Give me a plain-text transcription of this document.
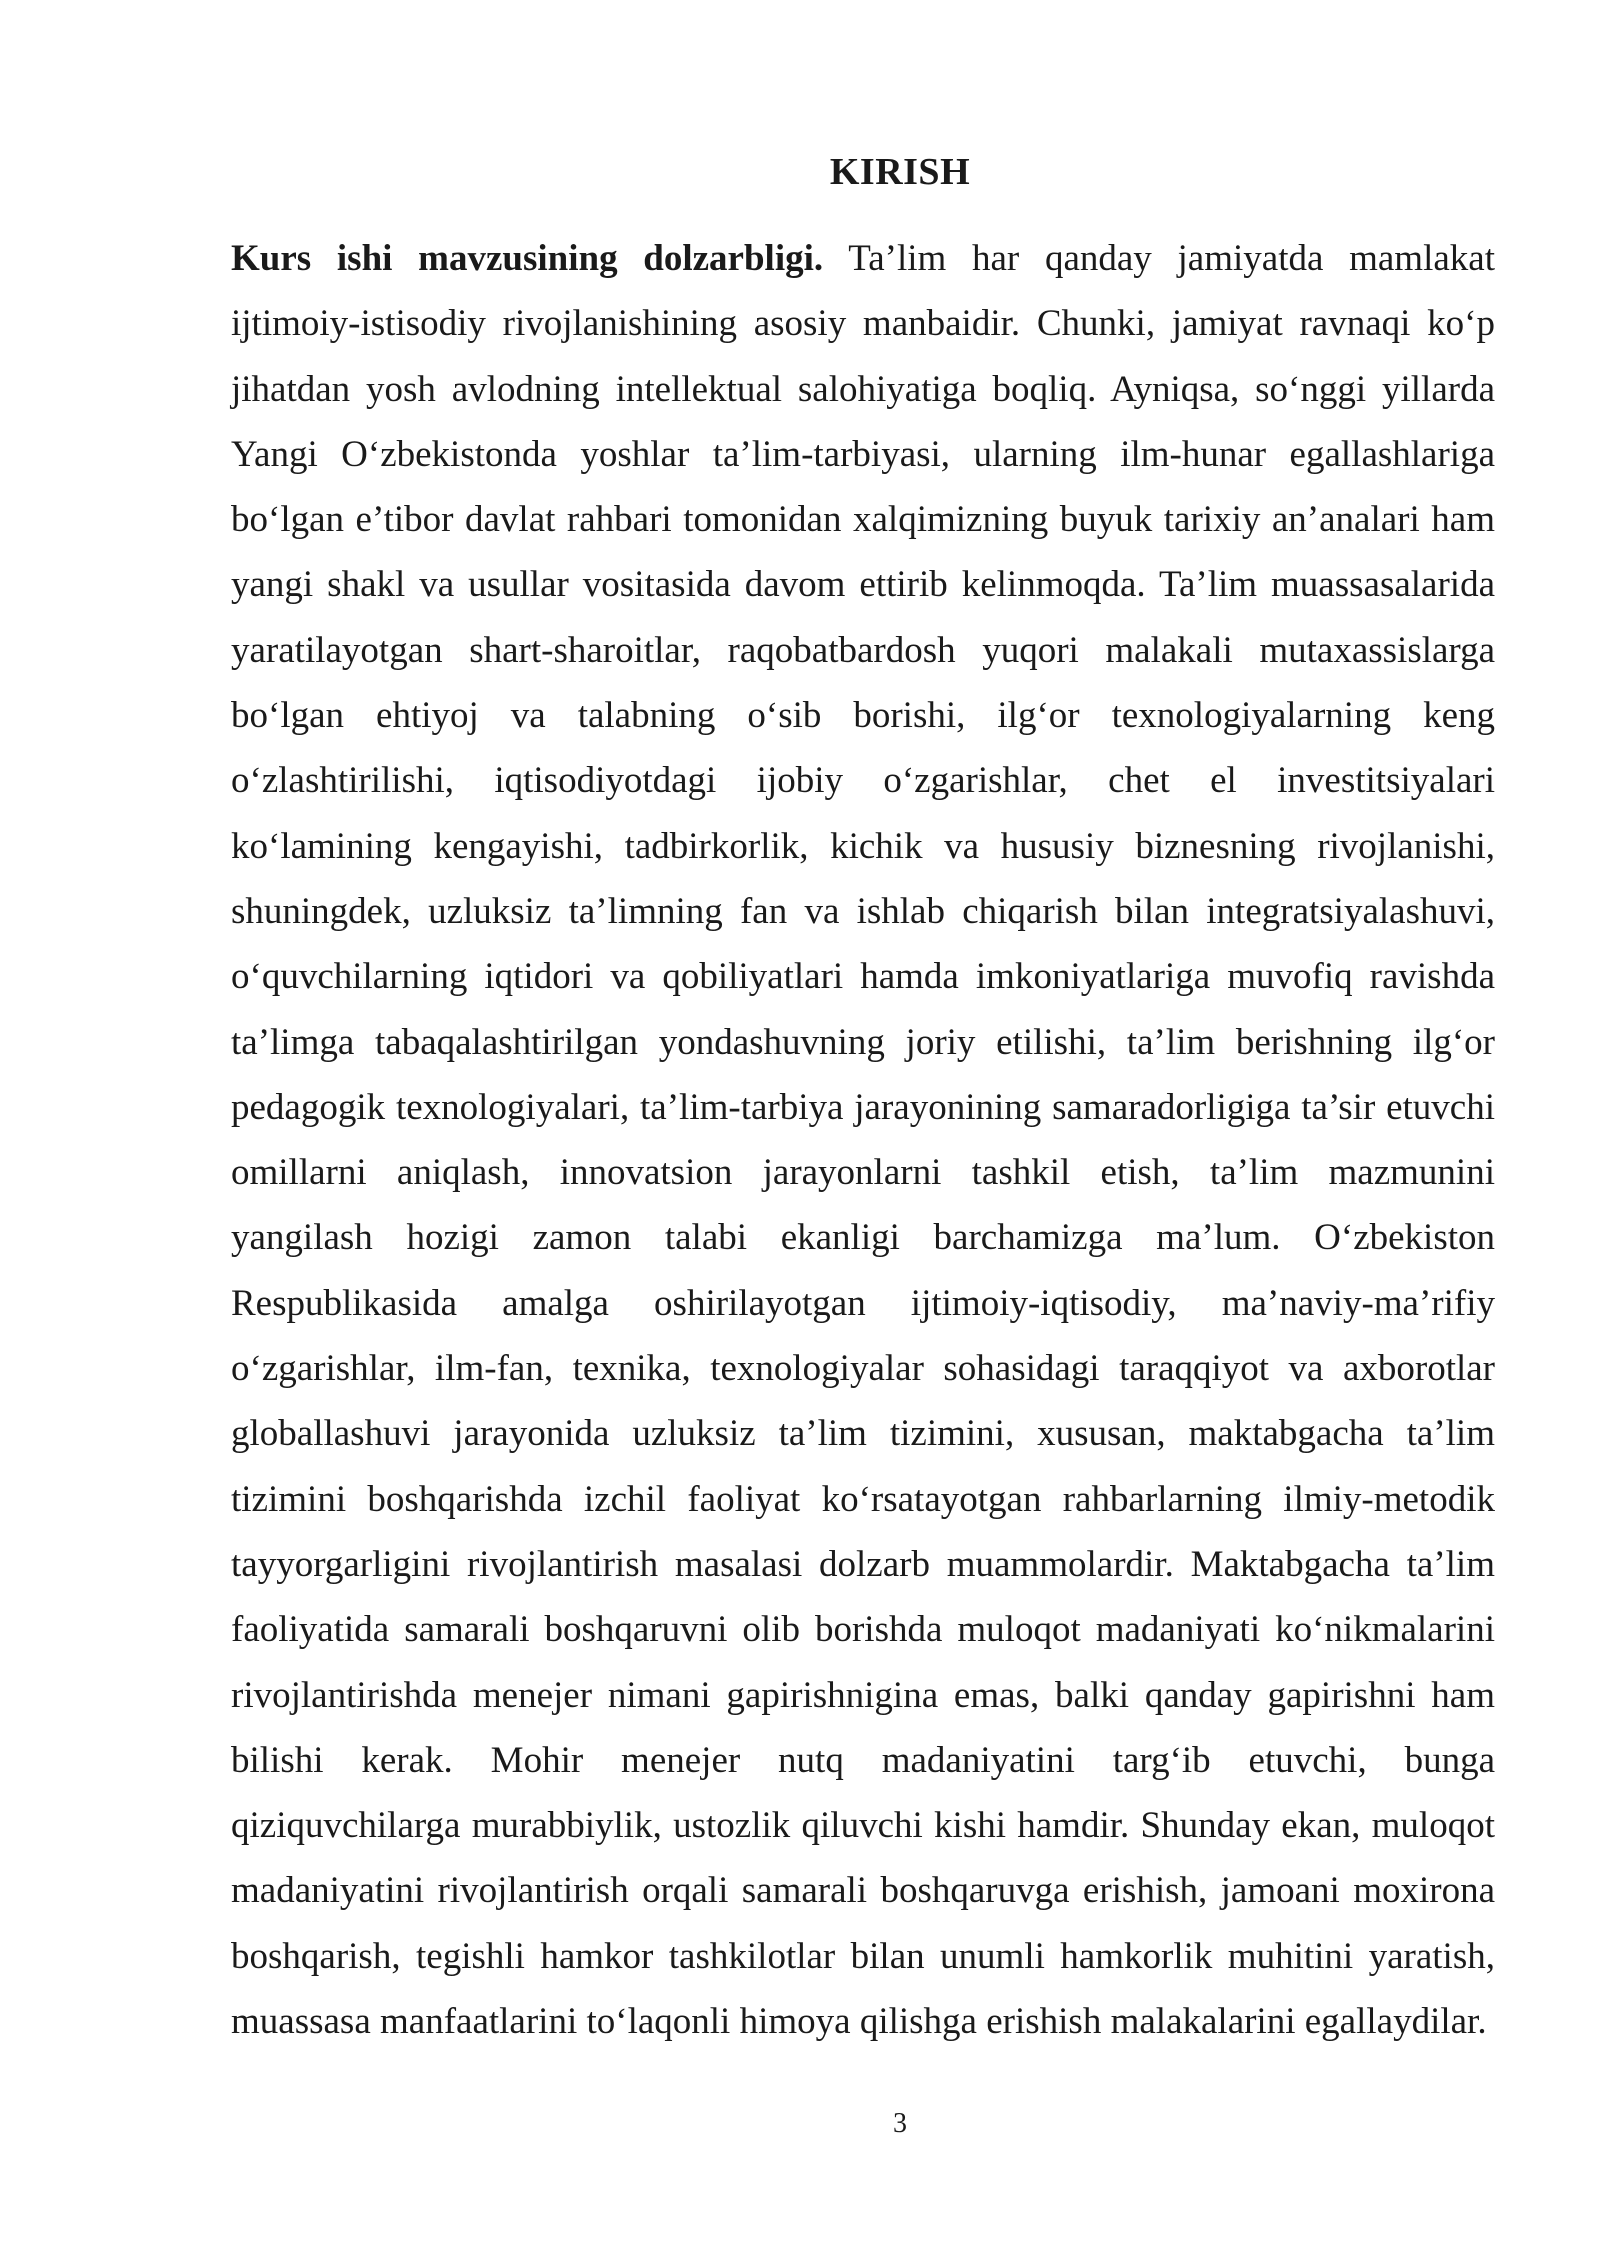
KIRISH

Kurs ishi mavzusining dolzarbligi. Ta’lim har qanday jamiyatda mamlakat ijtimoiy-istisodiy rivojlanishining asosiy manbaidir. Chunki, jamiyat ravnaqi ko‘p jihatdan yosh avlodning intellektual salohiyatiga boqliq. Ayniqsa, so‘nggi yillarda Yangi O‘zbekistonda yoshlar ta’lim-tarbiyasi, ularning ilm-hunar egallashlariga bo‘lgan e’tibor davlat rahbari tomonidan xalqimizning buyuk tarixiy an’analari ham yangi shakl va usullar vositasida davom ettirib kelinmoqda. Ta’lim muassasalarida yaratilayotgan shart-sharoitlar, raqobatbardosh yuqori malakali mutaxassislarga bo‘lgan ehtiyoj va talabning o‘sib borishi, ilg‘or texnologiyalarning keng o‘zlashtirilishi, iqtisodiyotdagi ijobiy o‘zgarishlar, chet el investitsiyalari ko‘lamining kengayishi, tadbirkorlik, kichik va hususiy biznesning rivojlanishi, shuningdek, uzluksiz ta’limning fan va ishlab chiqarish bilan integratsiyalashuvi, o‘quvchilarning iqtidori va qobiliyatlari hamda imkoniyatlariga muvofiq ravishda ta’limga tabaqalashtirilgan yondashuvning joriy etilishi, ta’lim berishning ilg‘or pedagogik texnologiyalari, ta’lim-tarbiya jarayonining samaradorligiga ta’sir etuvchi omillarni aniqlash, innovatsion jarayonlarni tashkil etish, ta’lim mazmunini yangilash hozigi zamon talabi ekanligi barchamizga ma’lum. O‘zbekiston Respublikasida amalga oshirilayotgan ijtimoiy-iqtisodiy, ma’naviy-ma’rifiy o‘zgarishlar, ilm-fan, texnika, texnologiyalar sohasidagi taraqqiyot va axborotlar globallashuvi jarayonida uzluksiz ta’lim tizimini, xususan, maktabgacha ta’lim tizimini boshqarishda izchil faoliyat ko‘rsatayotgan rahbarlarning ilmiy-metodik tayyorgarligini rivojlantirish masalasi dolzarb muammolardir. Maktabgacha ta’lim faoliyatida samarali boshqaruvni olib borishda muloqot madaniyati ko‘nikmalarini rivojlantirishda menejer nimani gapirishnigina emas, balki qanday gapirishni ham bilishi kerak. Mohir menejer nutq madaniyatini targ‘ib etuvchi, bunga qiziquvchilarga murabbiylik, ustozlik qiluvchi kishi hamdir. Shunday ekan, muloqot madaniyatini rivojlantirish orqali samarali boshqaruvga erishish, jamoani moxirona boshqarish, tegishli hamkor tashkilotlar bilan unumli hamkorlik muhitini yaratish, muassasa manfaatlarini to‘laqonli himoya qilishga erishish malakalarini egallaydilar.

3
